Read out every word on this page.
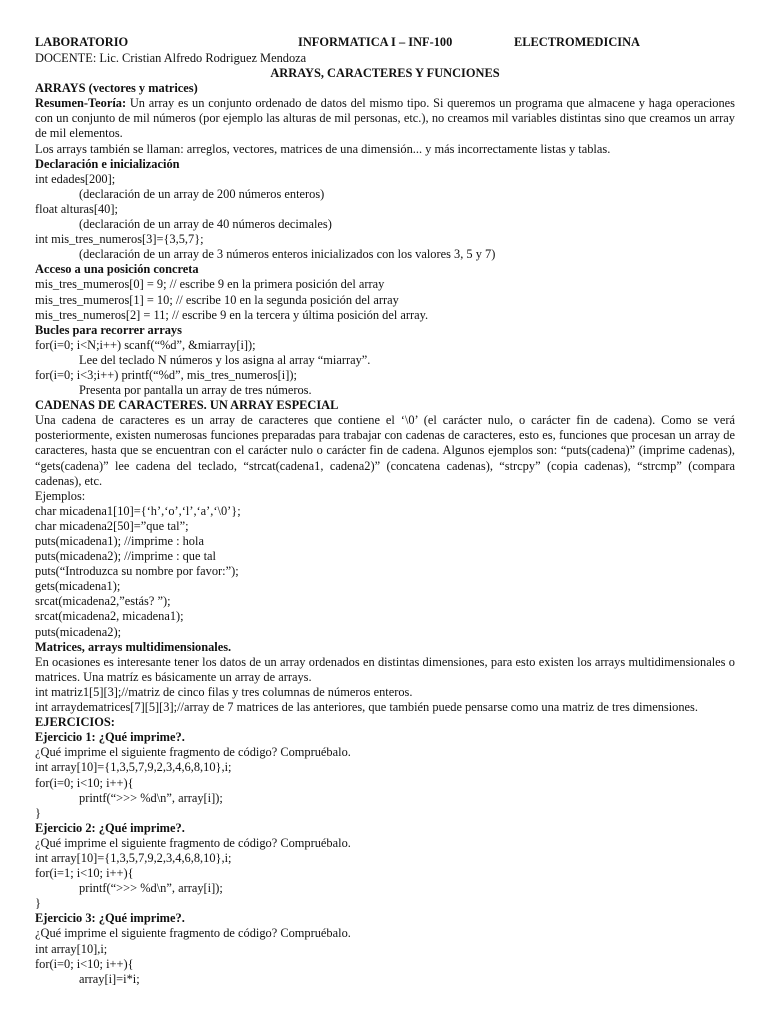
LABORATORIO	INFORMATICA I – INF-100	ELECTROMEDICINA
DOCENTE: Lic. Cristian Alfredo Rodriguez Mendoza
ARRAYS, CARACTERES Y FUNCIONES
ARRAYS (vectores y matrices)
Resumen-Teoría: Un array es un conjunto ordenado de datos del mismo tipo. Si queremos un programa que almacene y haga operaciones con un conjunto de mil números (por ejemplo las alturas de mil personas, etc.), no creamos mil variables distintas sino que creamos un array de mil elementos.
Los arrays también se llaman: arreglos, vectores, matrices de una dimensión... y más incorrectamente listas y tablas.
Declaración e inicialización
int edades[200];
(declaración de un array de 200 números enteros)
float alturas[40];
(declaración de un array de 40 números decimales)
int mis_tres_numeros[3]={3,5,7};
(declaración de un array de 3 números enteros inicializados con los valores 3, 5 y 7)
Acceso a una posición concreta
mis_tres_mumeros[0] = 9; // escribe 9 en la primera posición del array
mis_tres_mumeros[1] = 10; // escribe 10 en la segunda posición del array
mis_tres_numeros[2] = 11; // escribe 9 en la tercera y última posición del array.
Bucles para recorrer arrays
for(i=0; i<N;i++) scanf(“%d”, &miarray[i]);
Lee del teclado N números y los asigna al array “miarray”.
for(i=0; i<3;i++) printf(“%d”, mis_tres_numeros[i]);
Presenta por pantalla un array de tres números.
CADENAS DE CARACTERES. UN ARRAY ESPECIAL
Una cadena de caracteres es un array de caracteres que contiene el ‘\0’ (el carácter nulo, o carácter fin de cadena). Como se verá posteriormente, existen numerosas funciones preparadas para trabajar con cadenas de caracteres, esto es, funciones que procesan un array de caracteres, hasta que se encuentran con el carácter nulo o carácter fin de cadena. Algunos ejemplos son: “puts(cadena)” (imprime cadenas), “gets(cadena)” lee cadena del teclado, “strcat(cadena1, cadena2)” (concatena cadenas), “strcpy” (copia cadenas), “strcmp” (compara cadenas), etc.
Ejemplos:
char micadena1[10]={‘h’,‘o’,‘l’,‘a’,‘\0’};
char micadena2[50]=”que tal”;
puts(micadena1); //imprime : hola
puts(micadena2); //imprime : que tal
puts(“Introduzca su nombre por favor:”);
gets(micadena1);
srcat(micadena2,”estás? ”);
srcat(micadena2, micadena1);
puts(micadena2);
Matrices, arrays multidimensionales.
En ocasiones es interesante tener los datos de un array ordenados en distintas dimensiones, para esto existen los arrays multidimensionales o matrices. Una matríz es básicamente un array de arrays.
int matriz1[5][3];//matriz de cinco filas y tres columnas de números enteros.
int arraydematrices[7][5][3];//array de 7 matrices de las anteriores, que también puede pensarse como una matriz de tres dimensiones.
EJERCICIOS:
Ejercicio 1: ¿Qué imprime?.
¿Qué imprime el siguiente fragmento de código? Compruébalo.
int array[10]={1,3,5,7,9,2,3,4,6,8,10},i;
for(i=0; i<10; i++){
printf(“>>> %d\n”, array[i]);
}
Ejercicio 2: ¿Qué imprime?.
¿Qué imprime el siguiente fragmento de código? Compruébalo.
int array[10]={1,3,5,7,9,2,3,4,6,8,10},i;
for(i=1; i<10; i++){
printf(“>>> %d\n”, array[i]);
}
Ejercicio 3: ¿Qué imprime?.
¿Qué imprime el siguiente fragmento de código? Compruébalo.
int array[10],i;
for(i=0; i<10; i++){
array[i]=i*i;
